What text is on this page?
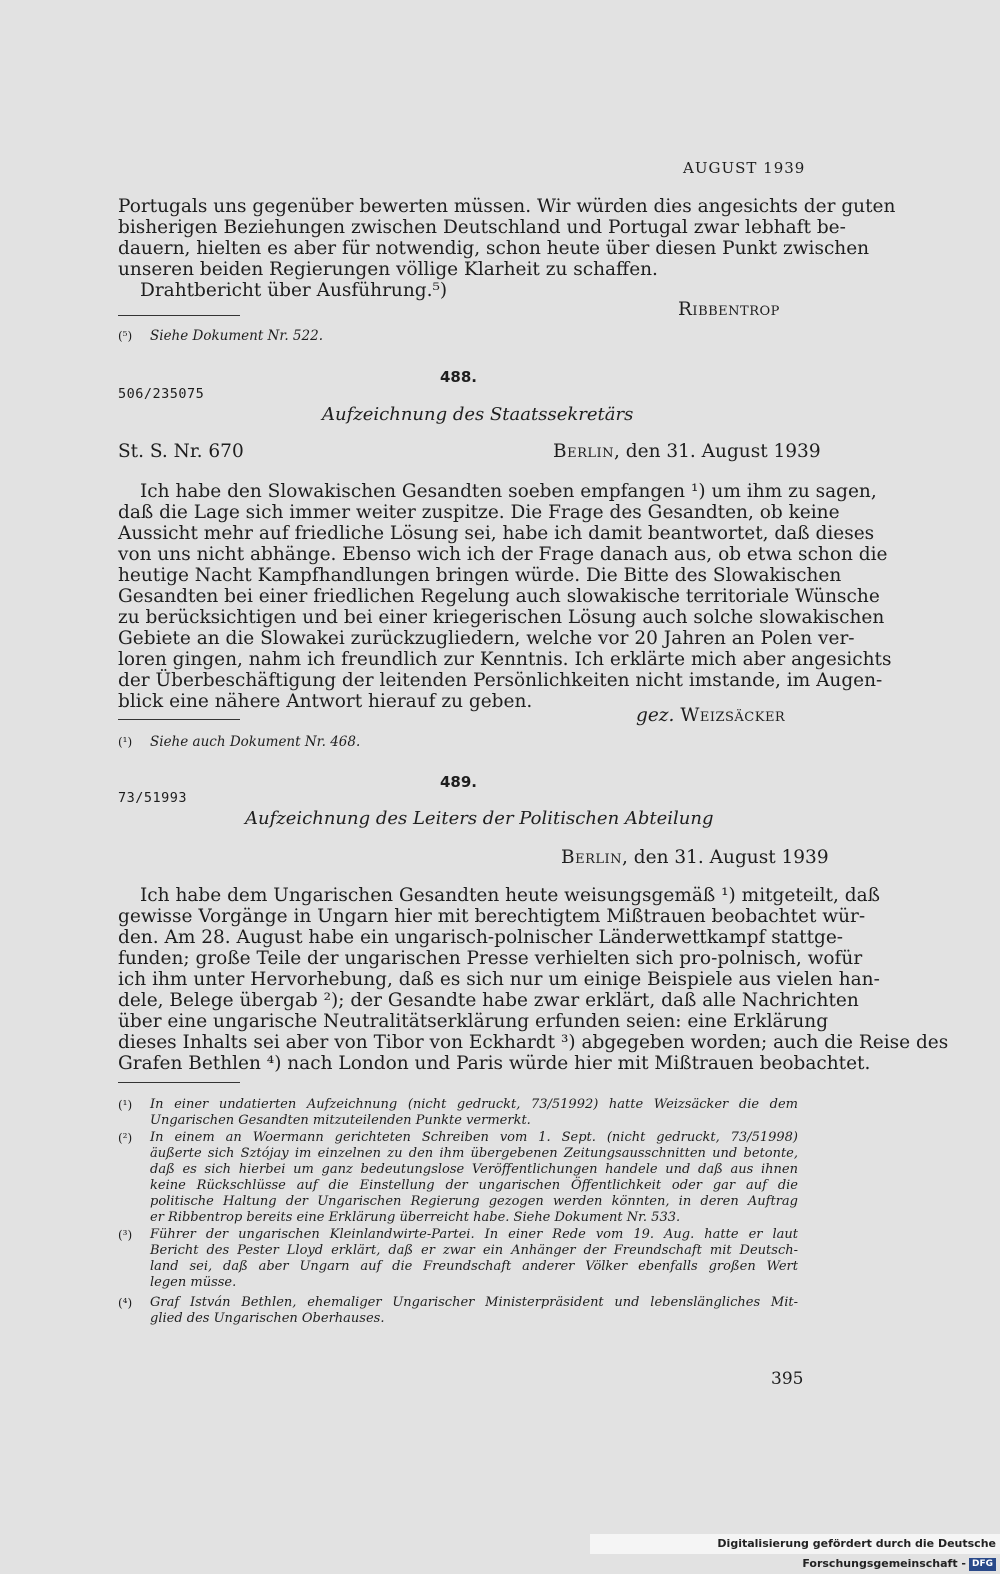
AUGUST 1939
Portugals uns gegenüber bewerten müssen. Wir würden dies angesichts der guten
bisherigen Beziehungen zwischen Deutschland und Portugal zwar lebhaft be-
dauern, hielten es aber für notwendig, schon heute über diesen Punkt zwischen
unseren beiden Regierungen völlige Klarheit zu schaffen.
Drahtbericht über Ausführung.⁵)
Ribbentrop
(⁵) Siehe Dokument Nr. 522.
488.
506/235075
Aufzeichnung des Staatssekretärs
St. S. Nr. 670	Berlin, den 31. August 1939
Ich habe den Slowakischen Gesandten soeben empfangen ¹) um ihm zu sagen,
daß die Lage sich immer weiter zuspitze. Die Frage des Gesandten, ob keine
Aussicht mehr auf friedliche Lösung sei, habe ich damit beantwortet, daß dieses
von uns nicht abhänge. Ebenso wich ich der Frage danach aus, ob etwa schon die
heutige Nacht Kampfhandlungen bringen würde. Die Bitte des Slowakischen
Gesandten bei einer friedlichen Regelung auch slowakische territoriale Wünsche
zu berücksichtigen und bei einer kriegerischen Lösung auch solche slowakischen
Gebiete an die Slowakei zurückzugliedern, welche vor 20 Jahren an Polen ver-
loren gingen, nahm ich freundlich zur Kenntnis. Ich erklärte mich aber angesichts
der Überbeschäftigung der leitenden Persönlichkeiten nicht imstande, im Augen-
blick eine nähere Antwort hierauf zu geben.
gez. Weizsäcker
(¹) Siehe auch Dokument Nr. 468.
489.
73/51993
Aufzeichnung des Leiters der Politischen Abteilung
Berlin, den 31. August 1939
Ich habe dem Ungarischen Gesandten heute weisungsgemäß ¹) mitgeteilt, daß
gewisse Vorgänge in Ungarn hier mit berechtigtem Mißtrauen beobachtet wür-
den. Am 28. August habe ein ungarisch-polnischer Länderwettkampf stattge-
funden; große Teile der ungarischen Presse verhielten sich pro-polnisch, wofür
ich ihm unter Hervorhebung, daß es sich nur um einige Beispiele aus vielen han-
dele, Belege übergab ²); der Gesandte habe zwar erklärt, daß alle Nachrichten
über eine ungarische Neutralitätserklärung erfunden seien: eine Erklärung
dieses Inhalts sei aber von Tibor von Eckhardt ³) abgegeben worden; auch die Reise des
Grafen Bethlen ⁴) nach London und Paris würde hier mit Mißtrauen beobachtet.
(¹) In einer undatierten Aufzeichnung (nicht gedruckt, 73/51992) hatte Weizsäcker die dem
Ungarischen Gesandten mitzuteilenden Punkte vermerkt.
(²) In einem an Woermann gerichteten Schreiben vom 1. Sept. (nicht gedruckt, 73/51998)
äußerte sich Sztójay im einzelnen zu den ihm übergebenen Zeitungsausschnitten und betonte,
daß es sich hierbei um ganz bedeutungslose Veröffentlichungen handele und daß aus ihnen
keine Rückschlüsse auf die Einstellung der ungarischen Öffentlichkeit oder gar auf die
politische Haltung der Ungarischen Regierung gezogen werden könnten, in deren Auftrag
er Ribbentrop bereits eine Erklärung überreicht habe. Siehe Dokument Nr. 533.
(³) Führer der ungarischen Kleinlandwirte-Partei. In einer Rede vom 19. Aug. hatte er laut
Bericht des Pester Lloyd erklärt, daß er zwar ein Anhänger der Freundschaft mit Deutsch-
land sei, daß aber Ungarn auf die Freundschaft anderer Völker ebenfalls großen Wert
legen müsse.
(⁴) Graf István Bethlen, ehemaliger Ungarischer Ministerpräsident und lebenslängliches Mit-
glied des Ungarischen Oberhauses.
395
Digitalisierung gefördert durch die Deutsche Forschungsgemeinschaft - DFG
